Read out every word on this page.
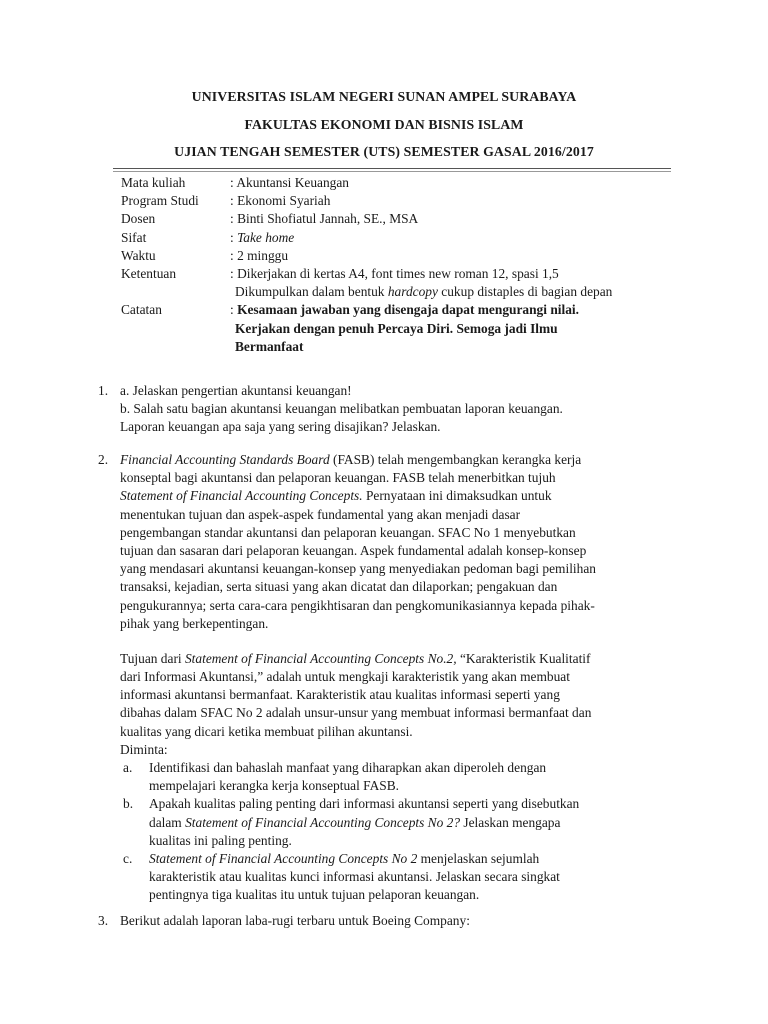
UNIVERSITAS ISLAM NEGERI SUNAN AMPEL SURABAYA
FAKULTAS EKONOMI DAN BISNIS ISLAM
UJIAN TENGAH SEMESTER (UTS) SEMESTER GASAL 2016/2017
Mata kuliah	: Akuntansi Keuangan
Program Studi : Ekonomi Syariah
Dosen	: Binti Shofiatul Jannah, SE., MSA
Sifat	: Take home
Waktu	: 2 minggu
Ketentuan	: Dikerjakan di kertas A4, font times new roman 12, spasi 1,5
Dikumpulkan dalam bentuk hardcopy cukup distaples di bagian depan
Catatan	: Kesamaan jawaban yang disengaja dapat mengurangi nilai.
Kerjakan dengan penuh Percaya Diri. Semoga jadi Ilmu
Bermanfaat
1. a. Jelaskan pengertian akuntansi keuangan!
b. Salah satu bagian akuntansi keuangan melibatkan pembuatan laporan keuangan.
Laporan keuangan apa saja yang sering disajikan? Jelaskan.
2. Financial Accounting Standards Board (FASB) telah mengembangkan kerangka kerja
konseptal bagi akuntansi dan pelaporan keuangan. FASB telah menerbitkan tujuh
Statement of Financial Accounting Concepts. Pernyataan ini dimaksudkan untuk
menentukan tujuan dan aspek-aspek fundamental yang akan menjadi dasar
pengembangan standar akuntansi dan pelaporan keuangan. SFAC No 1 menyebutkan
tujuan dan sasaran dari pelaporan keuangan. Aspek fundamental adalah konsep-konsep
yang mendasari akuntansi keuangan-konsep yang menyediakan pedoman bagi pemilihan
transaksi, kejadian, serta situasi yang akan dicatat dan dilaporkan; pengakuan dan
pengukurannya; serta cara-cara pengikhtisaran dan pengkomunikasiannya kepada pihak-
pihak yang berkepentingan.
Tujuan dari Statement of Financial Accounting Concepts No.2, “Karakteristik Kualitatif
dari Informasi Akuntansi,” adalah untuk mengkaji karakteristik yang akan membuat
informasi akuntansi bermanfaat. Karakteristik atau kualitas informasi seperti yang
dibahas dalam SFAC No 2 adalah unsur-unsur yang membuat informasi bermanfaat dan
kualitas yang dicari ketika membuat pilihan akuntansi.
Diminta:
a. Identifikasi dan bahaslah manfaat yang diharapkan akan diperoleh dengan
mempelajari kerangka kerja konseptual FASB.
b. Apakah kualitas paling penting dari informasi akuntansi seperti yang disebutkan
dalam Statement of Financial Accounting Concepts No 2? Jelaskan mengapa
kualitas ini paling penting.
c. Statement of Financial Accounting Concepts No 2 menjelaskan sejumlah
karakteristik atau kualitas kunci informasi akuntansi. Jelaskan secara singkat
pentingnya tiga kualitas itu untuk tujuan pelaporan keuangan.
3. Berikut adalah laporan laba-rugi terbaru untuk Boeing Company:
